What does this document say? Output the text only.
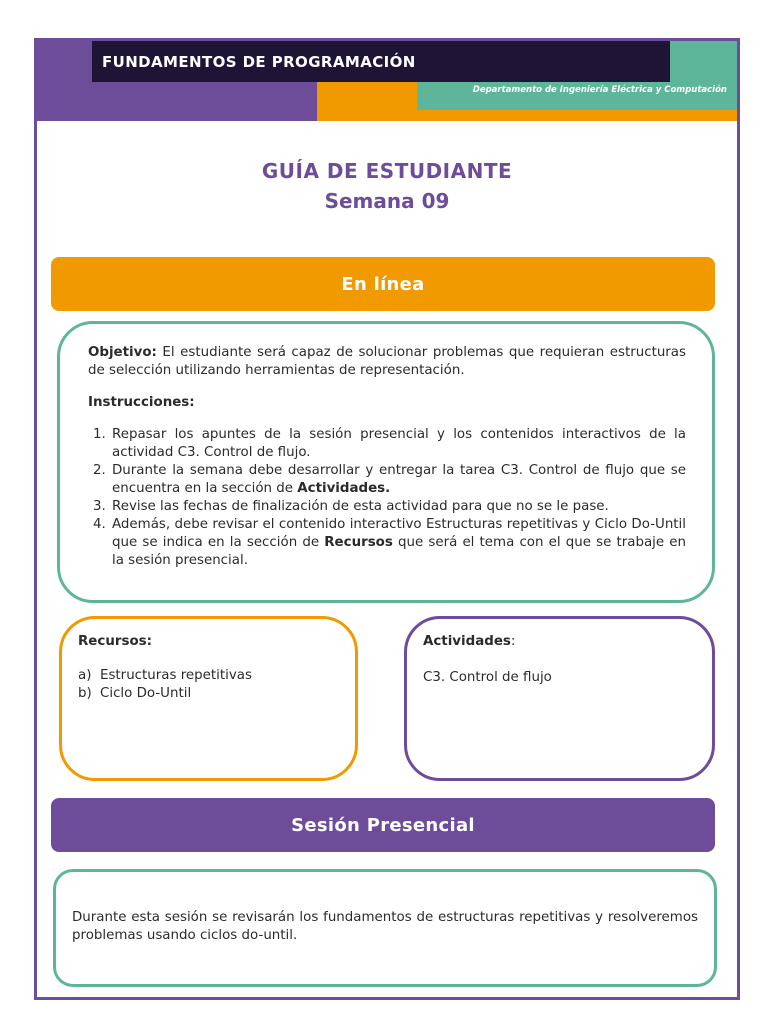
FUNDAMENTOS DE PROGRAMACIÓN
Departamento de Ingeniería Eléctrica y Computación
GUÍA DE ESTUDIANTE
Semana 09
En línea

Objetivo: El estudiante será capaz de solucionar problemas que requieran estructuras de selección utilizando herramientas de representación.

Instrucciones:

1. Repasar los apuntes de la sesión presencial y los contenidos interactivos de la actividad C3. Control de flujo.
2. Durante la semana debe desarrollar y entregar la tarea C3. Control de flujo que se encuentra en la sección de Actividades.
3. Revise las fechas de finalización de esta actividad para que no se le pase.
4. Además, debe revisar el contenido interactivo Estructuras repetitivas y Ciclo Do-Until que se indica en la sección de Recursos que será el tema con el que se trabaje en la sesión presencial.
Recursos:
a) Estructuras repetitivas
b) Ciclo Do-Until
Actividades:
C3. Control de flujo
Sesión Presencial

Durante esta sesión se revisarán los fundamentos de estructuras repetitivas y resolveremos problemas usando ciclos do-until.
